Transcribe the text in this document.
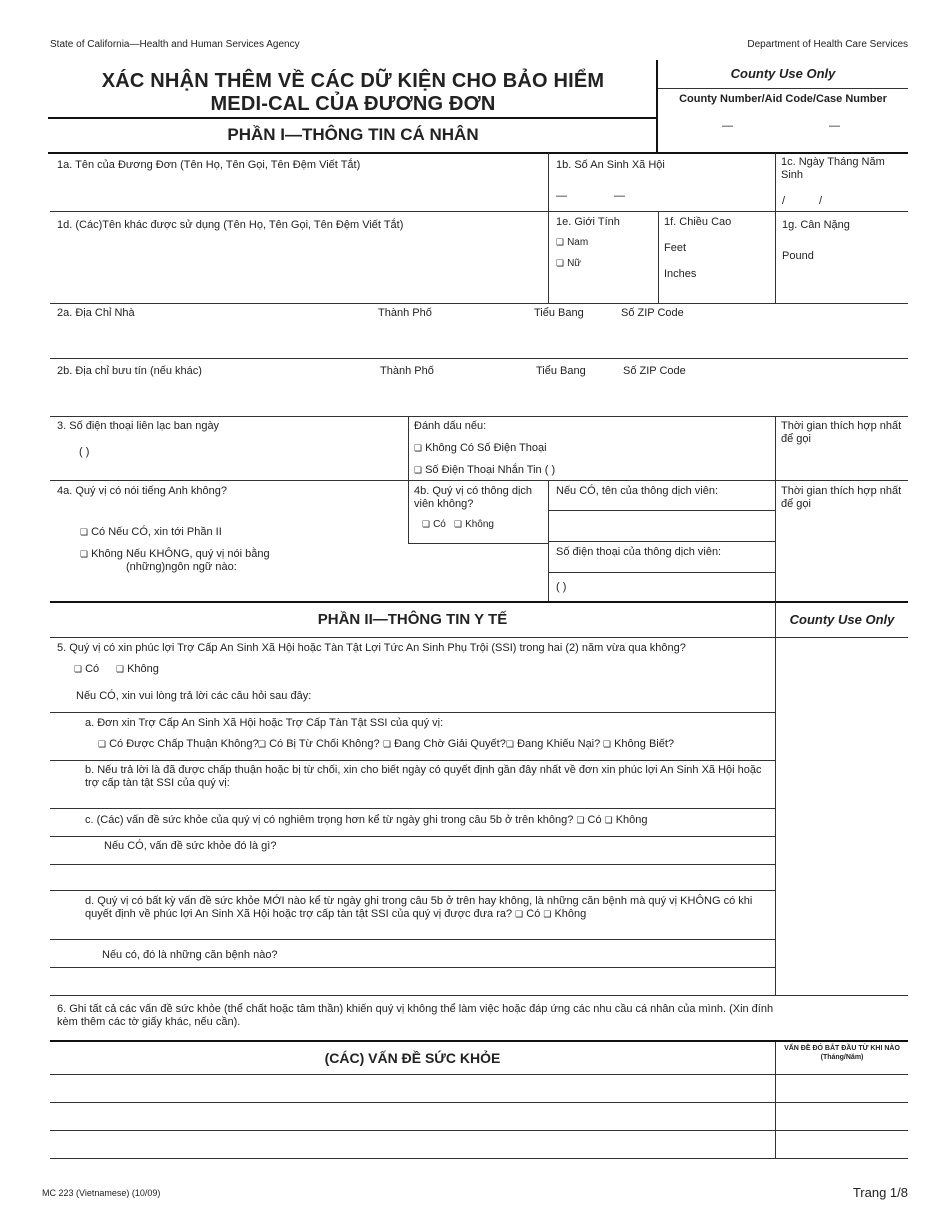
State of California—Health and Human Services Agency	Department of Health Care Services
XÁC NHẬN THÊM VỀ CÁC DỮ KIỆN CHO BẢO HIỂM
MEDI-CAL CỦA ĐƯƠNG ĐƠN
County Use Only
County Number/Aid Code/Case Number
—	—
PHẦN I—THÔNG TIN CÁ NHÂN
1a. Tên của Đương Đơn (Tên Họ, Tên Gọi, Tên Đệm Viết Tắt)	1b. Số An Sinh Xã Hội
—	—
1c. Ngày Tháng Năm Sinh
/	/
1d. (Các)Tên khác được sử dụng (Tên Họ, Tên Gọi, Tên Đệm Viết Tắt)	1e. Giới Tính
❏ Nam
❏ Nữ
1f. Chiều Cao
Feet
Inches
1g. Cân Nặng
Pound
2a. Địa Chỉ Nhà	Thành Phố	Tiểu Bang	Số ZIP Code
2b. Địa chỉ bưu tín (nếu khác)	Thành Phố	Tiểu Bang	Số ZIP Code
3. Số điện thoại liên lạc ban ngày
( )
Đánh dấu nếu:
❏ Không Có Số Điện Thoại
❏ Số Điện Thoại Nhắn Tin ( )
Thời gian thích hợp nhất để gọi
4a. Quý vị có nói tiếng Anh không?
❏ Có Nếu CÓ, xin tới Phần II
❏ Không Nếu KHÔNG, quý vị nói bằng
(những)ngôn ngữ nào:
4b. Quý vị có thông dịch viên không?
❏ Có	❏ Không
Nếu CÓ, tên của thông dịch viên:
Số điện thoại của thông dịch viên:
( )
Thời gian thích hợp nhất để gọi
PHẦN II—THÔNG TIN Y TẾ	County Use Only
5. Quý vị có xin phúc lợi Trợ Cấp An Sinh Xã Hội hoặc Tàn Tật Lợi Tức An Sinh Phụ Trội (SSI) trong hai (2) năm vừa qua không?
❏ Có	❏ Không
Nếu CÓ, xin vui lòng trả lời các câu hỏi sau đây:
a. Đơn xin Trợ Cấp An Sinh Xã Hội hoặc Trợ Cấp Tàn Tật SSI của quý vị:
❏ Có Được Chấp Thuận Không? ❏ Có Bị Từ Chối Không?	❏ Đang Chờ Giải Quyết?	❏ Đang Khiếu Nại?	❏ Không Biết?
b. Nếu trả lời là đã được chấp thuận hoặc bị từ chối, xin cho biết ngày có quyết định gần đây nhất về đơn xin phúc lợi An Sinh Xã Hội hoặc trợ cấp tàn tật SSI của quý vị:
c. (Các) vấn đề sức khỏe của quý vị có nghiêm trọng hơn kể từ ngày ghi trong câu 5b ở trên không? ❏ Có ❏ Không
Nếu CÓ, vấn đề sức khỏe đó là gì?
d. Quý vị có bất kỳ vấn đề sức khỏe MỚI nào kể từ ngày ghi trong câu 5b ở trên hay không, là những căn bệnh mà quý vị KHÔNG có khi quyết định về phúc lợi An Sinh Xã Hội hoặc trợ cấp tàn tật SSI của quý vị được đưa ra? ❏ Có ❏ Không
Nếu có, đó là những căn bệnh nào?
6. Ghi tất cả các vấn đề sức khỏe (thể chất hoặc tâm thần) khiến quý vị không thể làm việc hoặc đáp ứng các nhu cầu cá nhân của mình. (Xin đính kèm thêm các tờ giấy khác, nếu cần).
(CÁC) VẤN ĐỀ SỨC KHỎE
VẤN ĐỀ ĐÓ BẮT ĐẦU TỪ KHI NÀO
(Tháng/Năm)
MC 223 (Vietnamese) (10/09)	Trang 1/8
